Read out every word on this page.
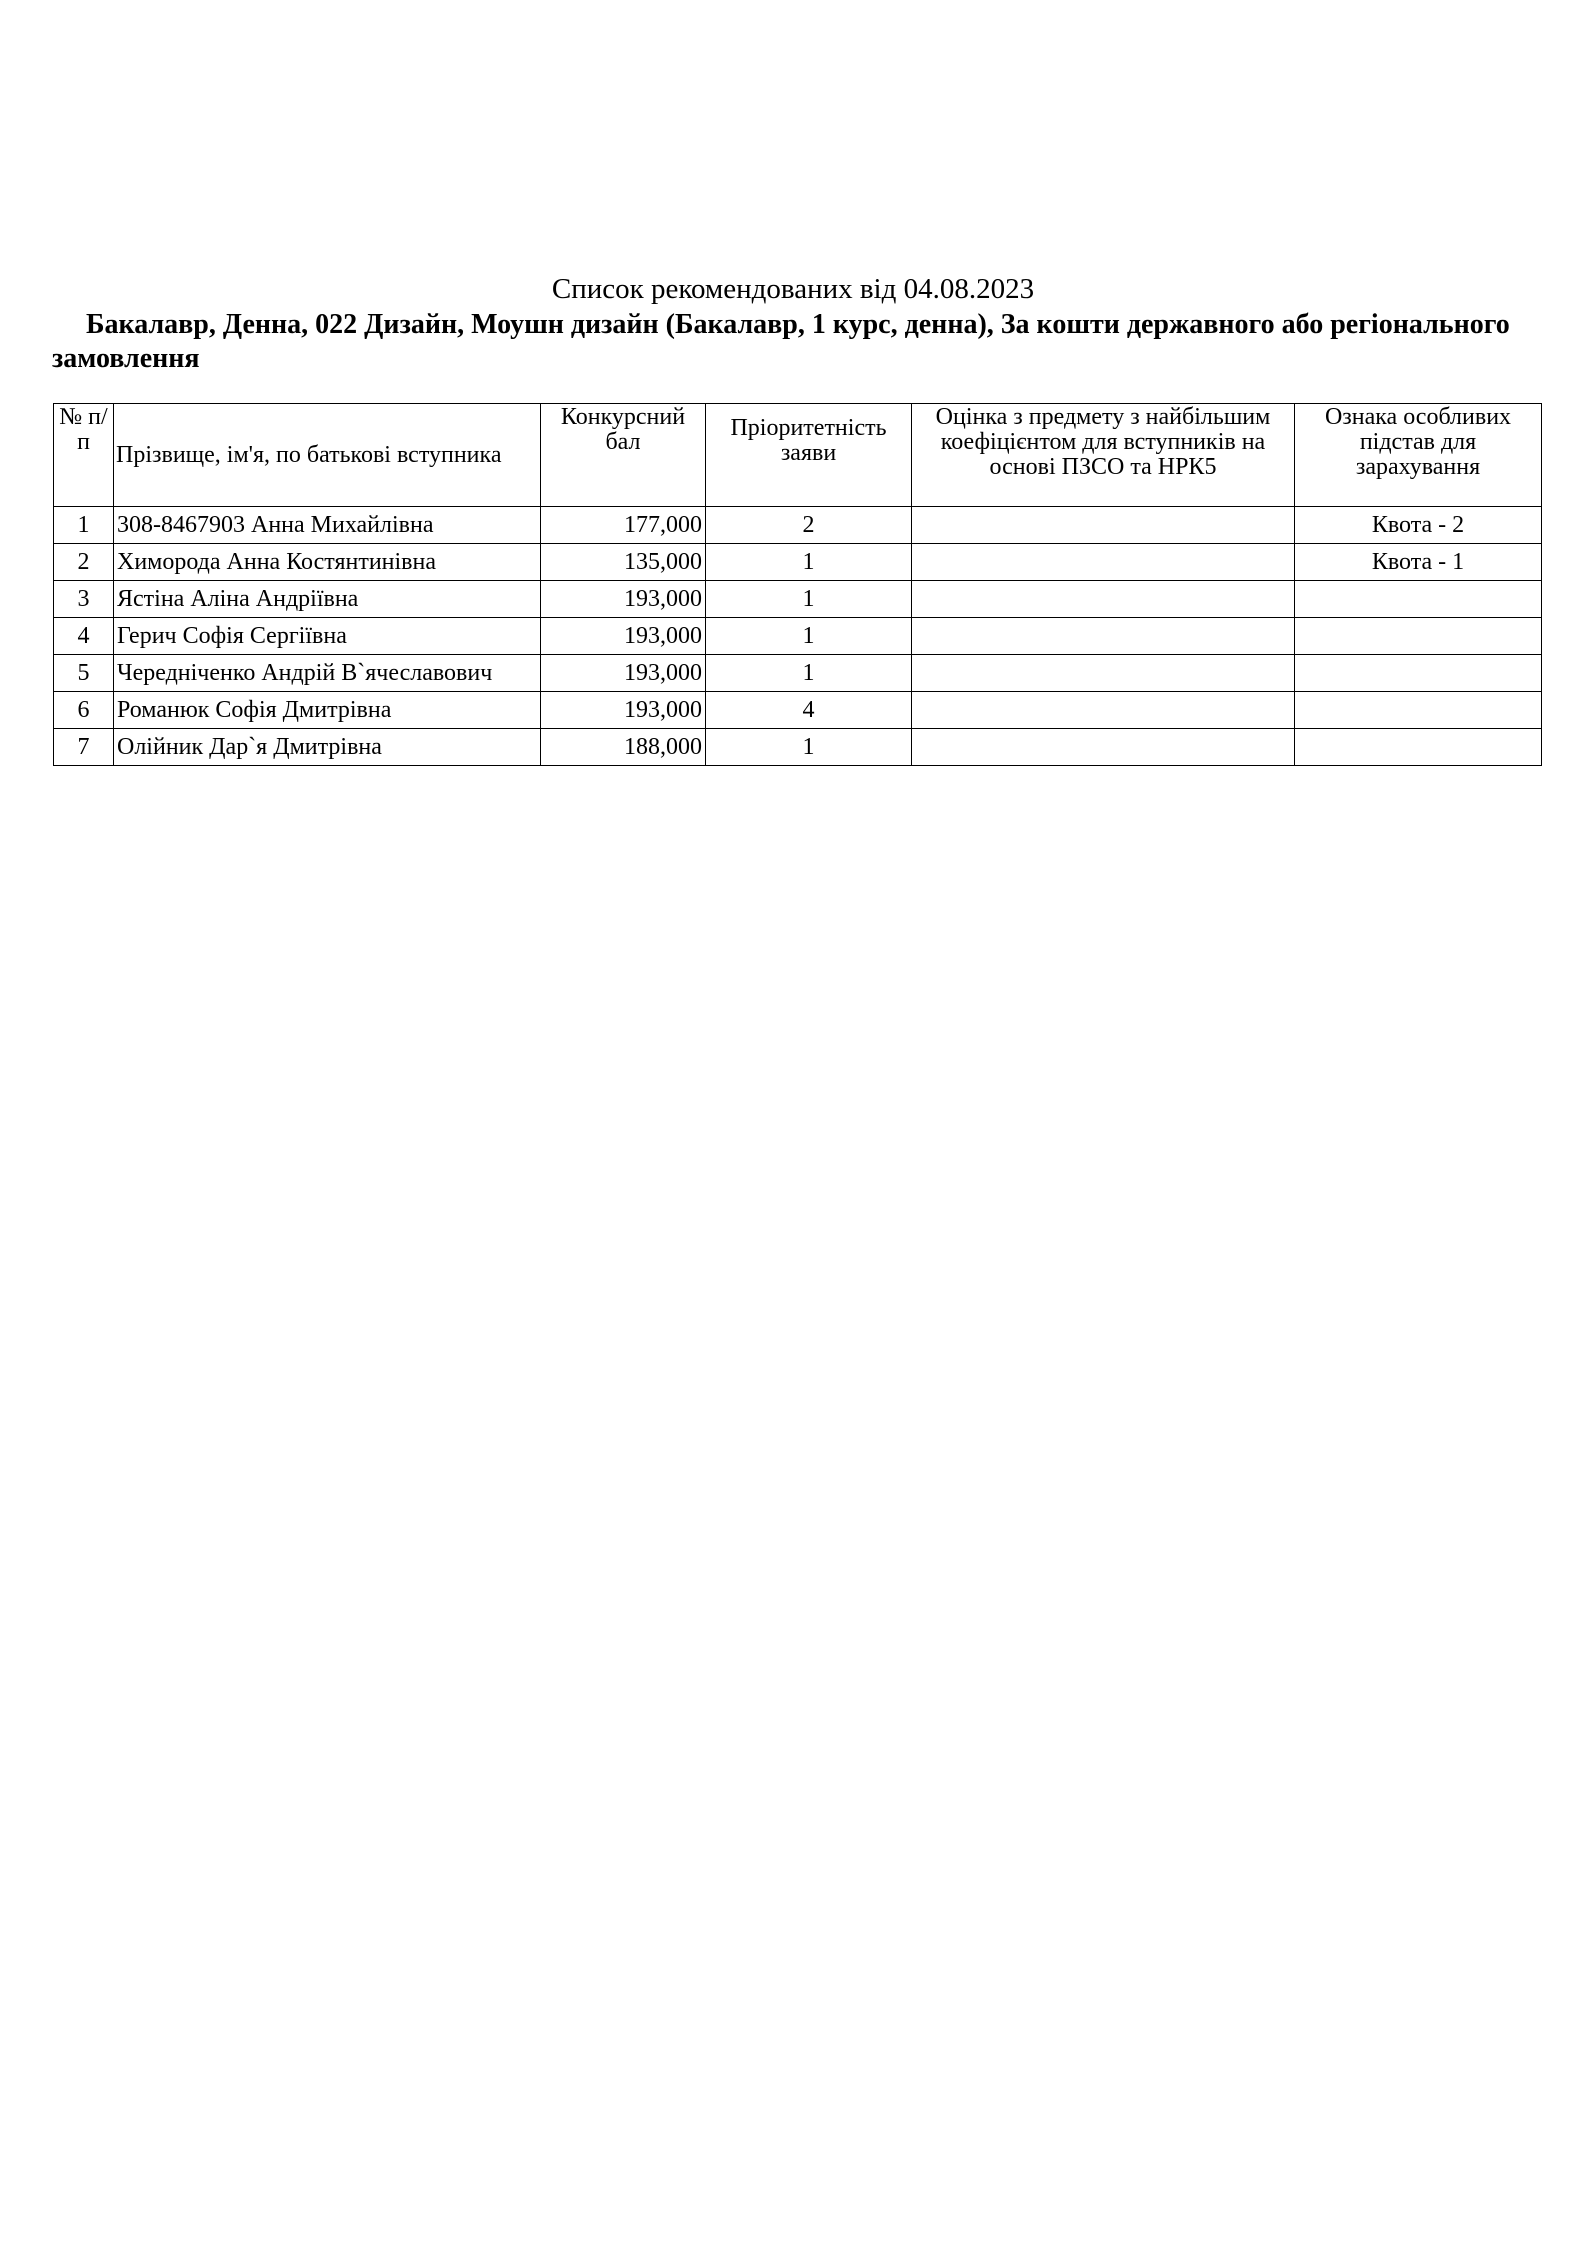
Список рекомендованих від 04.08.2023
Бакалавр, Денна, 022 Дизайн, Моушн дизайн (Бакалавр, 1 курс, денна), За кошти державного або регіонального замовлення
№ п/п	Прізвище, ім'я, по батькові вступника	Конкурсний бал	Пріоритетність заяви	Оцінка з предмету з найбільшим коефіцієнтом для вступників на основі ПЗСО та НРК5	Ознака особливих підстав для зарахування
1	308-8467903 Анна Михайлівна	177,000	2		Квота - 2
2	Химорода Анна Костянтинівна	135,000	1		Квота - 1
3	Ястіна Аліна Андріївна	193,000	1		
4	Герич Софія Сергіївна	193,000	1		
5	Чередніченко Андрій В`ячеславович	193,000	1		
6	Романюк Софія Дмитрівна	193,000	4		
7	Олійник Дар`я Дмитрівна	188,000	1		
